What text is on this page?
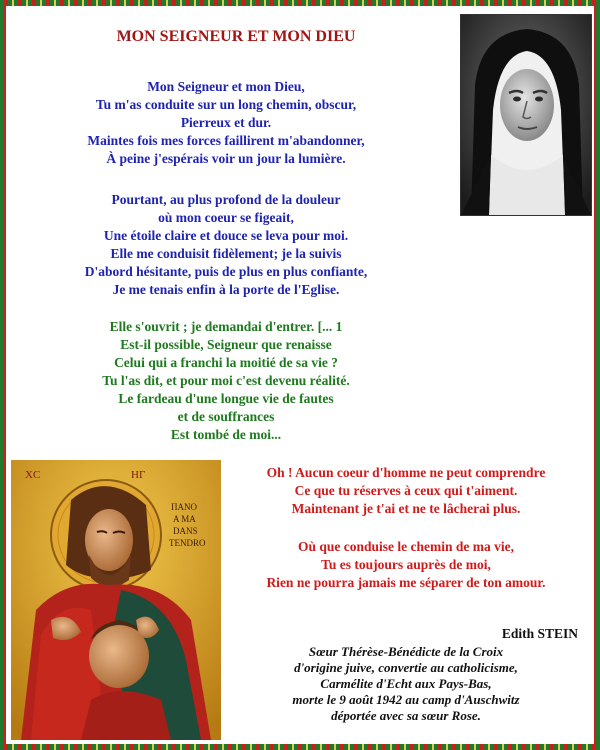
MON SEIGNEUR ET MON DIEU
Mon Seigneur et mon Dieu,
Tu m'as conduite sur un long chemin, obscur,
Pierreux et dur.
Maintes fois mes forces faillirent m'abandonner,
À peine j'espérais voir un jour la lumière.
Pourtant, au plus profond de la douleur
où mon coeur se figeait,
Une étoile claire et douce se leva pour moi.
Elle me conduisit fidèlement; je la suivis
D'abord hésitante, puis de plus en plus confiante,
Je me tenais enfin à la porte de l'Eglise.
Elle s'ouvrit ; je demandai d'entrer. [... 1
Est-il possible, Seigneur que renaisse
Celui qui a franchi la moitié de sa vie ?
Tu l'as dit, et pour moi c'est devenu réalité.
Le fardeau d'une longue vie de fautes
et de souffrances
Est tombé de moi...
Oh ! Aucun coeur d'homme ne peut comprendre
Ce que tu réserves à ceux qui t'aiment.
Maintenant je t'ai et ne te lâcherai plus.
Où que conduise le chemin de ma vie,
Tu es toujours auprès de moi,
Rien ne pourra jamais me séparer de ton amour.
Edith STEIN
Sœur Thérèse-Bénédicte de la Croix
d'origine juive, convertie au catholicisme,
Carmélite d'Echt aux Pays-Bas,
morte le 9 août 1942 au camp d'Auschwitz
déportée avec sa sœur Rose.
XC	ΗΓ
ΠΑΝΟ
A MA
DANS
TENDRO
